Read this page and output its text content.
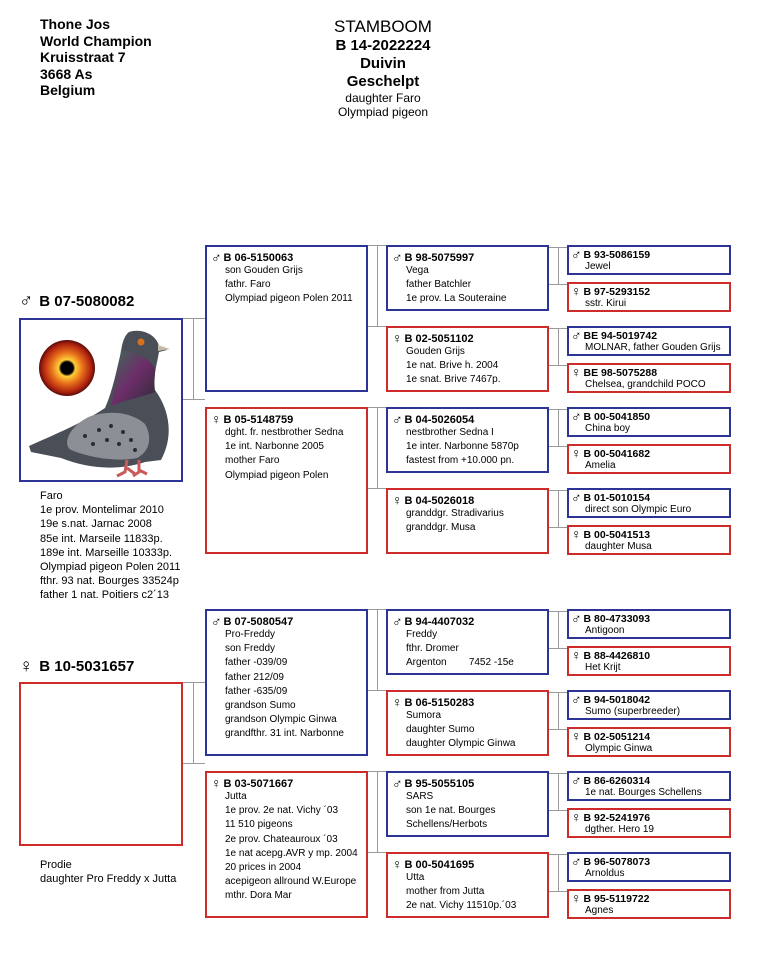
Thone Jos
World Champion
Kruisstraat 7
3668 As
Belgium
STAMBOOM
B 14-2022224
Duivin
Geschelpt
daughter Faro
Olympiad pigeon
♂ B 07-5080082
Faro
1e prov. Montelimar 2010
19e s.nat. Jarnac 2008
85e int. Marseile 11833p.
189e int. Marseille 10333p.
Olympiad pigeon Polen 2011
fthr. 93 nat. Bourges 33524p
father 1 nat. Poitiers c2´13
♀ B 10-5031657
Prodie
daughter Pro Freddy x Jutta
♂ B 06-5150063
son Gouden Grijs
fathr. Faro
Olympiad pigeon Polen 2011
♀ B 05-5148759
dght. fr. nestbrother Sedna
1e int. Narbonne 2005
mother Faro
Olympiad pigeon Polen
♂ B 07-5080547
Pro-Freddy
son Freddy
father -039/09
father 212/09
father -635/09
grandson Sumo
grandson Olympic Ginwa
grandfthr. 31 int. Narbonne
♀ B 03-5071667
Jutta
1e prov. 2e nat. Vichy ´03
11 510 pigeons
2e prov. Chateauroux ´03
1e nat acepg.AVR y mp. 2004
20 prices in 2004
acepigeon allround W.Europe
mthr. Dora Mar
♂ B 98-5075997
Vega
father Batchler
1e prov. La Souteraine
♀ B 02-5051102
Gouden Grijs
1e nat. Brive h. 2004
1e snat. Brive 7467p.
♂ B 04-5026054
nestbrother Sedna I
1e inter. Narbonne 5870p
fastest from +10.000 pn.
♀ B 04-5026018
granddgr. Stradivarius
granddgr. Musa
♂ B 94-4407032
Freddy
fthr. Dromer
Argenton        7452 -15e
♀ B 06-5150283
Sumora
daughter Sumo
daughter Olympic Ginwa
♂ B 95-5055105
SARS
son 1e nat. Bourges
Schellens/Herbots
♀ B 00-5041695
Utta
mother from Jutta
2e nat. Vichy 11510p.´03
♂ B 93-5086159
Jewel
♀ B 97-5293152
sstr. Kirui
♂ BE 94-5019742
MOLNAR, father Gouden Grijs
♀ BE 98-5075288
Chelsea, grandchild POCO
♂ B 00-5041850
China boy
♀ B 00-5041682
Amelia
♂ B 01-5010154
direct son Olympic Euro
♀ B 00-5041513
daughter Musa
♂ B 80-4733093
Antigoon
♀ B 88-4426810
Het Krijt
♂ B 94-5018042
Sumo (superbreeder)
♀ B 02-5051214
Olympic Ginwa
♂ B 86-6260314
1e nat. Bourges Schellens
♀ B 92-5241976
dgther. Hero 19
♂ B 96-5078073
Arnoldus
♀ B 95-5119722
Agnes
